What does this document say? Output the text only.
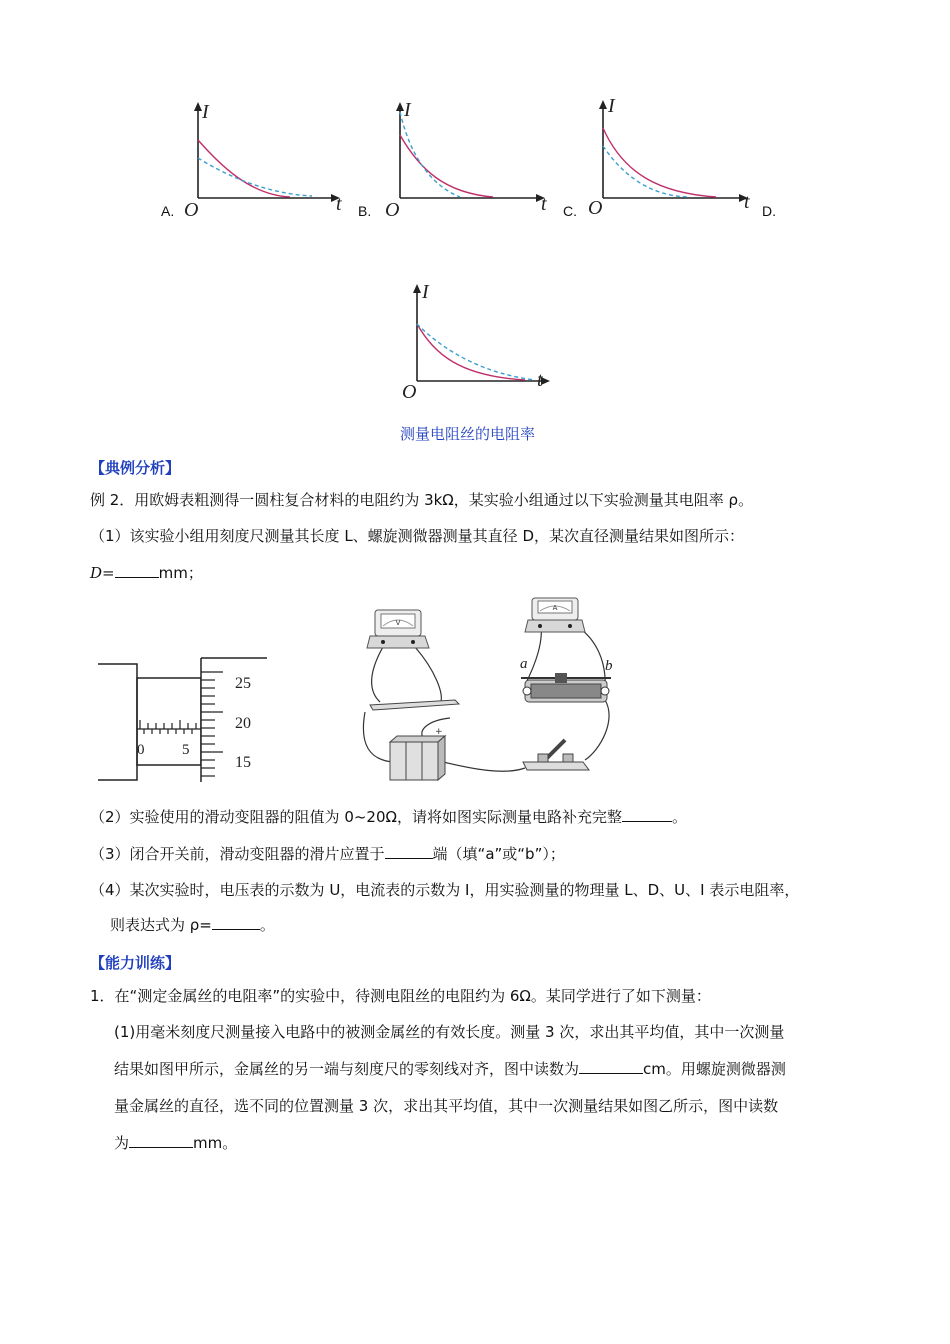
I
t
O
A.
I
t
O
B.
I
t
O
C.	D.
I
t
O
测量电阻丝的电阻率
【典例分析】
例 2．用欧姆表粗测得一圆柱复合材料的电阻约为 3kΩ，某实验小组通过以下实验测量其电阻率 ρ。
（1）该实验小组用刻度尺测量其长度 L、螺旋测微器测量其直径 D，某次直径测量结果如图所示：
D=	mm；
0	5
25
20
15
V
A
+
a	b
（2）实验使用的滑动变阻器的阻值为 0~20Ω，请将如图实际测量电路补充完整	。
（3）闭合开关前，滑动变阻器的滑片应置于	端（填“a”或“b”）；
（4）某次实验时，电压表的示数为 U，电流表的示数为 I，用实验测量的物理量 L、D、U、I 表示电阻率，
则表达式为 ρ=	。
【能力训练】
1．在“测定金属丝的电阻率”的实验中，待测电阻丝的电阻约为 6Ω。某同学进行了如下测量：
(1)用毫米刻度尺测量接入电路中的被测金属丝的有效长度。测量 3 次，求出其平均值，其中一次测量
结果如图甲所示，金属丝的另一端与刻度尺的零刻线对齐，图中读数为	cm。用螺旋测微器测
量金属丝的直径，选不同的位置测量 3 次，求出其平均值，其中一次测量结果如图乙所示，图中读数
为	mm。
